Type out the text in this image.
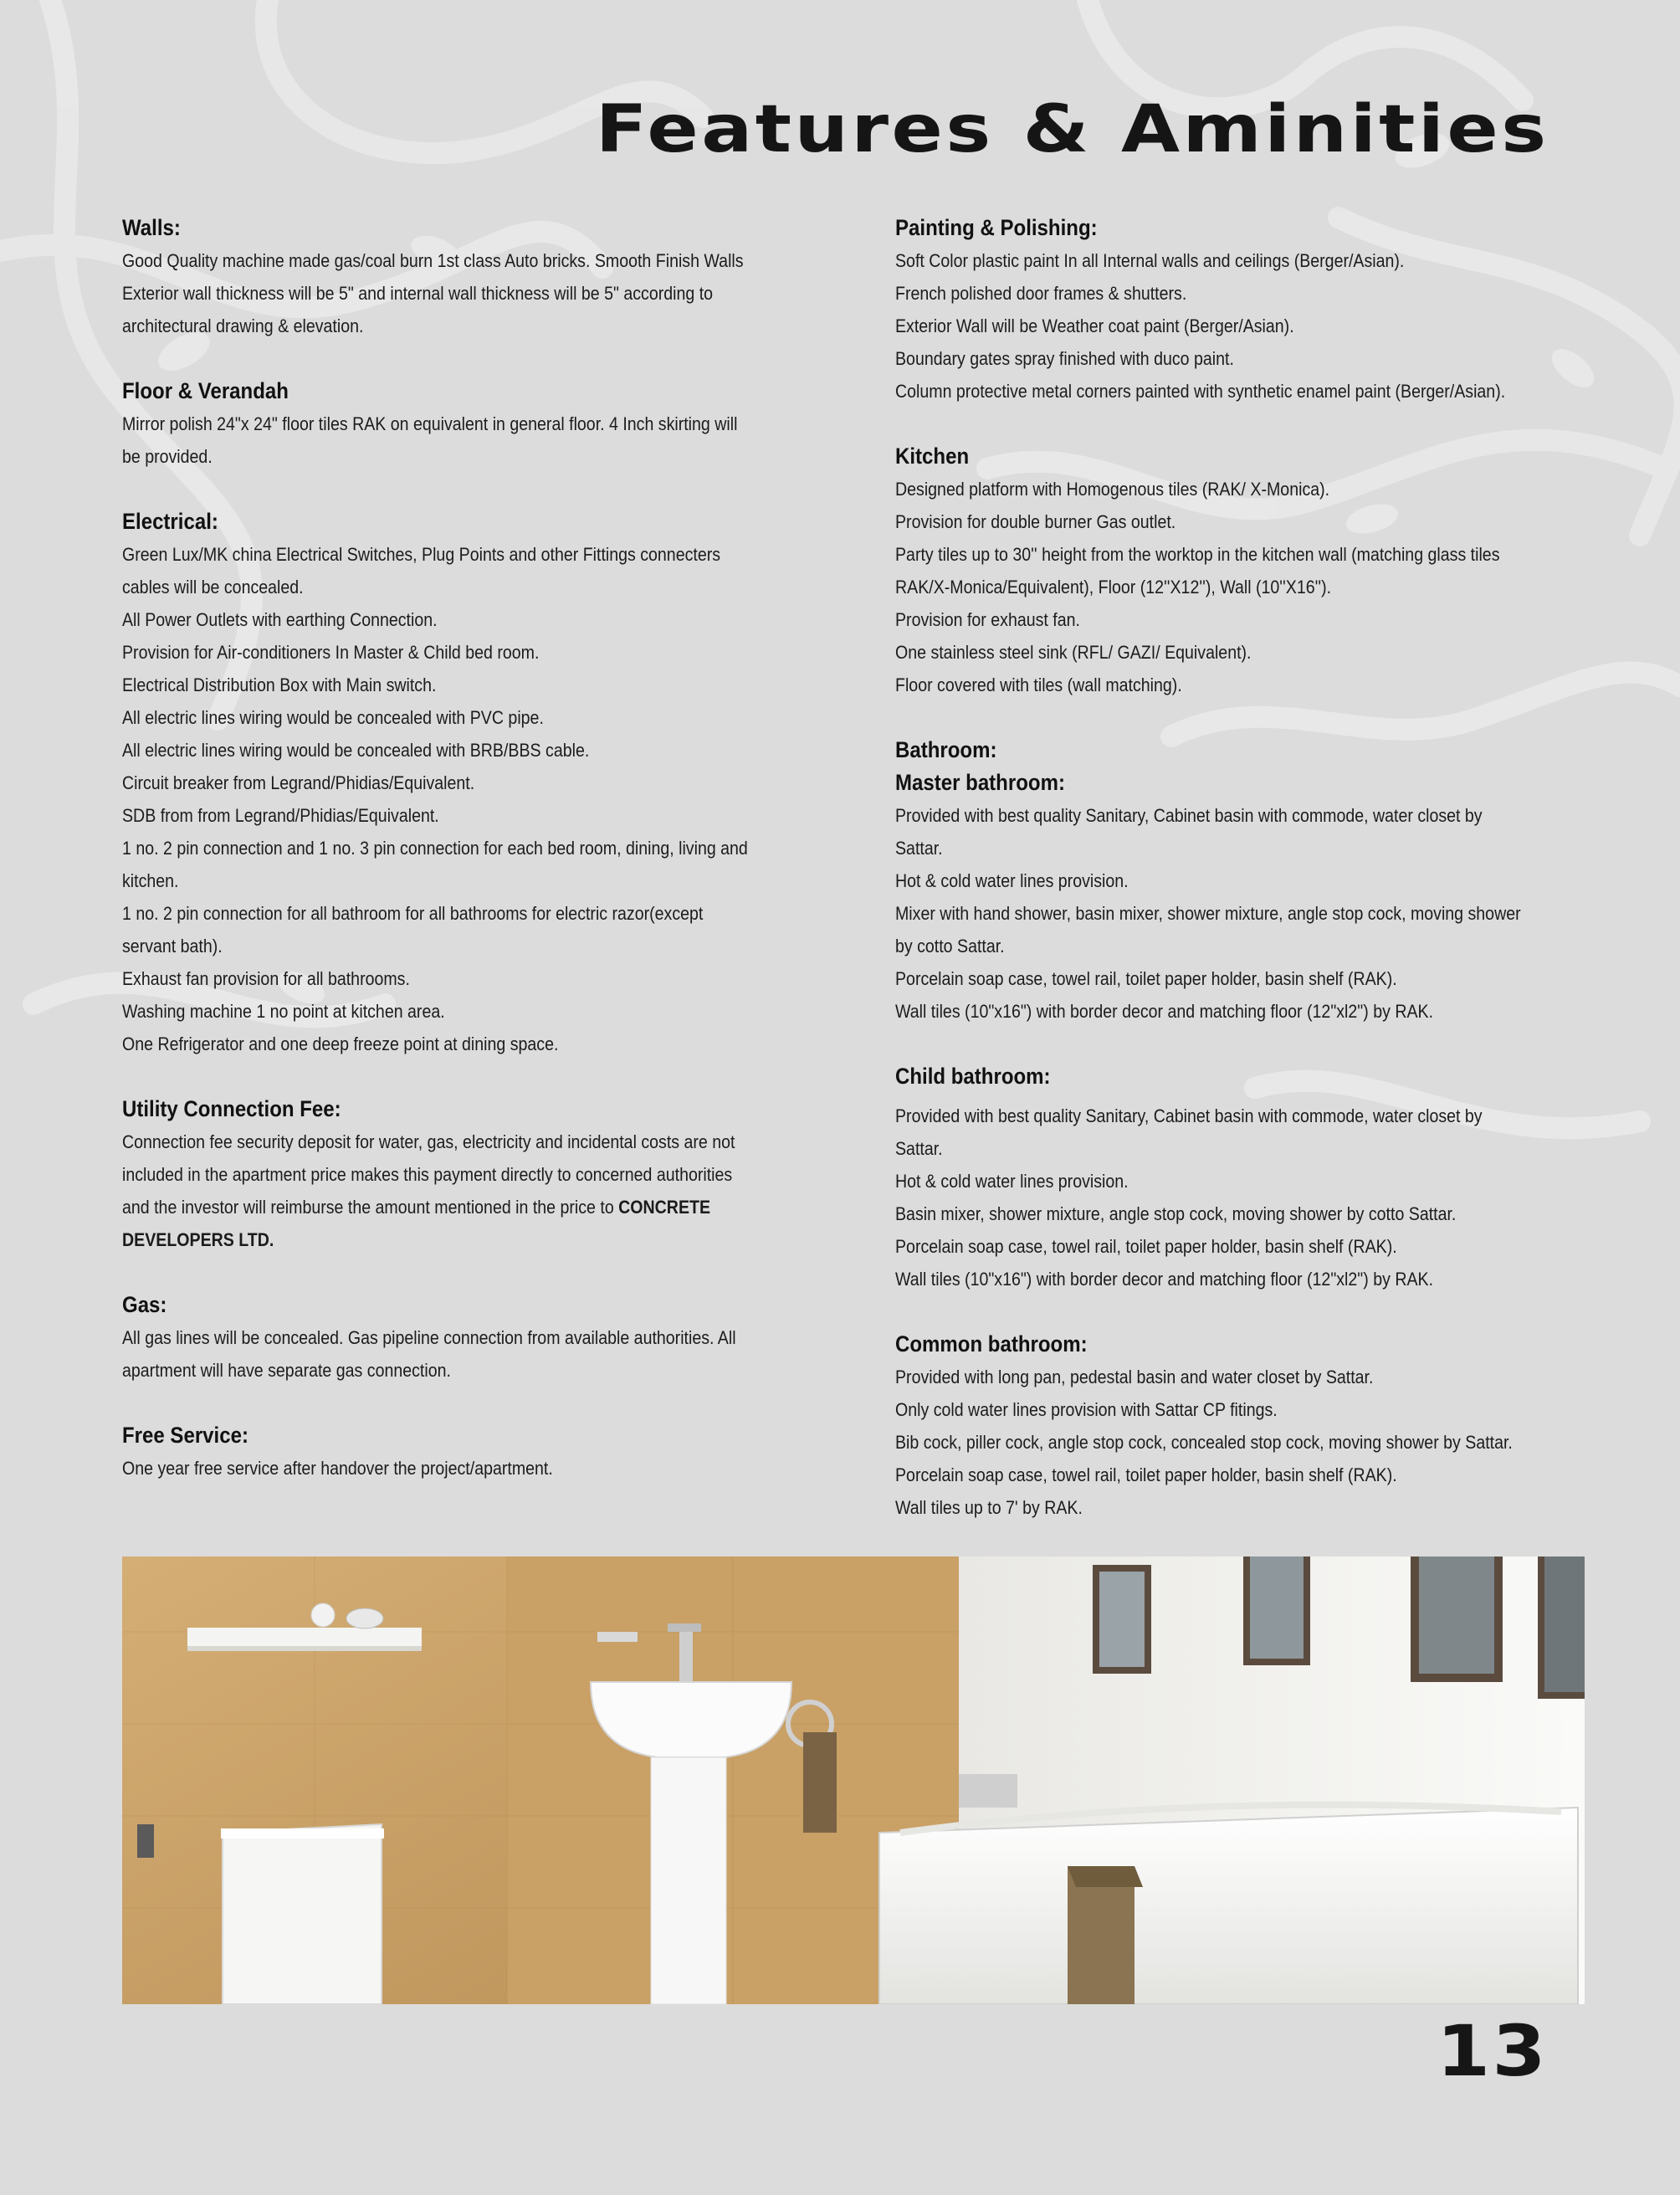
Features & Aminities
Walls:
Good Quality machine made gas/coal burn 1st class Auto bricks. Smooth Finish Walls
Exterior wall thickness will be 5" and internal wall thickness will be 5" according to
architectural drawing & elevation.
Floor & Verandah
Mirror polish 24"x 24" floor tiles RAK on equivalent in general floor. 4 Inch skirting will
be provided.
Electrical:
Green Lux/MK china Electrical Switches, Plug Points and other Fittings connecters
cables will be concealed.
All Power Outlets with earthing Connection.
Provision for Air-conditioners In Master & Child bed room.
Electrical Distribution Box with Main switch.
All electric lines wiring would be concealed with PVC pipe.
All electric lines wiring would be concealed with BRB/BBS cable.
Circuit breaker from Legrand/Phidias/Equivalent.
SDB from from Legrand/Phidias/Equivalent.
1 no. 2 pin connection and 1 no. 3 pin connection for each bed room, dining, living and
kitchen.
1 no. 2 pin connection for all bathroom for all bathrooms for electric razor(except
servant bath).
Exhaust fan provision for all bathrooms.
Washing machine 1 no point at kitchen area.
One Refrigerator and one deep freeze point at dining space.
Utility Connection Fee:
Connection fee security deposit for water, gas, electricity and incidental costs are not
included in the apartment price makes this payment directly to concerned authorities
and the investor will reimburse the amount mentioned in the price to CONCRETE
DEVELOPERS LTD.
Gas:
All gas lines will be concealed. Gas pipeline connection from available authorities. All
apartment will have separate gas connection.
Free Service:
One year free service after handover the project/apartment.
Painting & Polishing:
Soft Color plastic paint In all Internal walls and ceilings (Berger/Asian).
French polished door frames & shutters.
Exterior Wall will be Weather coat paint (Berger/Asian).
Boundary gates spray finished with duco paint.
Column protective metal corners painted with synthetic enamel paint (Berger/Asian).
Kitchen
Designed platform with Homogenous tiles (RAK/ X-Monica).
Provision for double burner Gas outlet.
Party tiles up to 30'' height from the worktop in the kitchen wall (matching glass tiles
RAK/X-Monica/Equivalent), Floor (12''X12''), Wall (10''X16'').
Provision for exhaust fan.
One stainless steel sink (RFL/ GAZI/ Equivalent).
Floor covered with tiles (wall matching).
Bathroom:
Master bathroom:
Provided with best quality Sanitary, Cabinet basin with commode, water closet by
Sattar.
Hot & cold water lines provision.
Mixer with hand shower, basin mixer, shower mixture, angle stop cock, moving shower
by cotto Sattar.
Porcelain soap case, towel rail, toilet paper holder, basin shelf (RAK).
Wall tiles (10"x16") with border decor and matching floor (12"xl2") by RAK.
Child bathroom:
Provided with best quality Sanitary, Cabinet basin with commode, water closet by
Sattar.
Hot & cold water lines provision.
Basin mixer, shower mixture, angle stop cock, moving shower by cotto Sattar.
Porcelain soap case, towel rail, toilet paper holder, basin shelf (RAK).
Wall tiles (10"x16") with border decor and matching floor (12"xl2") by RAK.
Common bathroom:
Provided with long pan, pedestal basin and water closet by Sattar.
Only cold water lines provision with Sattar CP fitings.
Bib cock, piller cock, angle stop cock, concealed stop cock, moving shower by Sattar.
Porcelain soap case, towel rail, toilet paper holder, basin shelf (RAK).
Wall tiles up to 7' by RAK.
13
